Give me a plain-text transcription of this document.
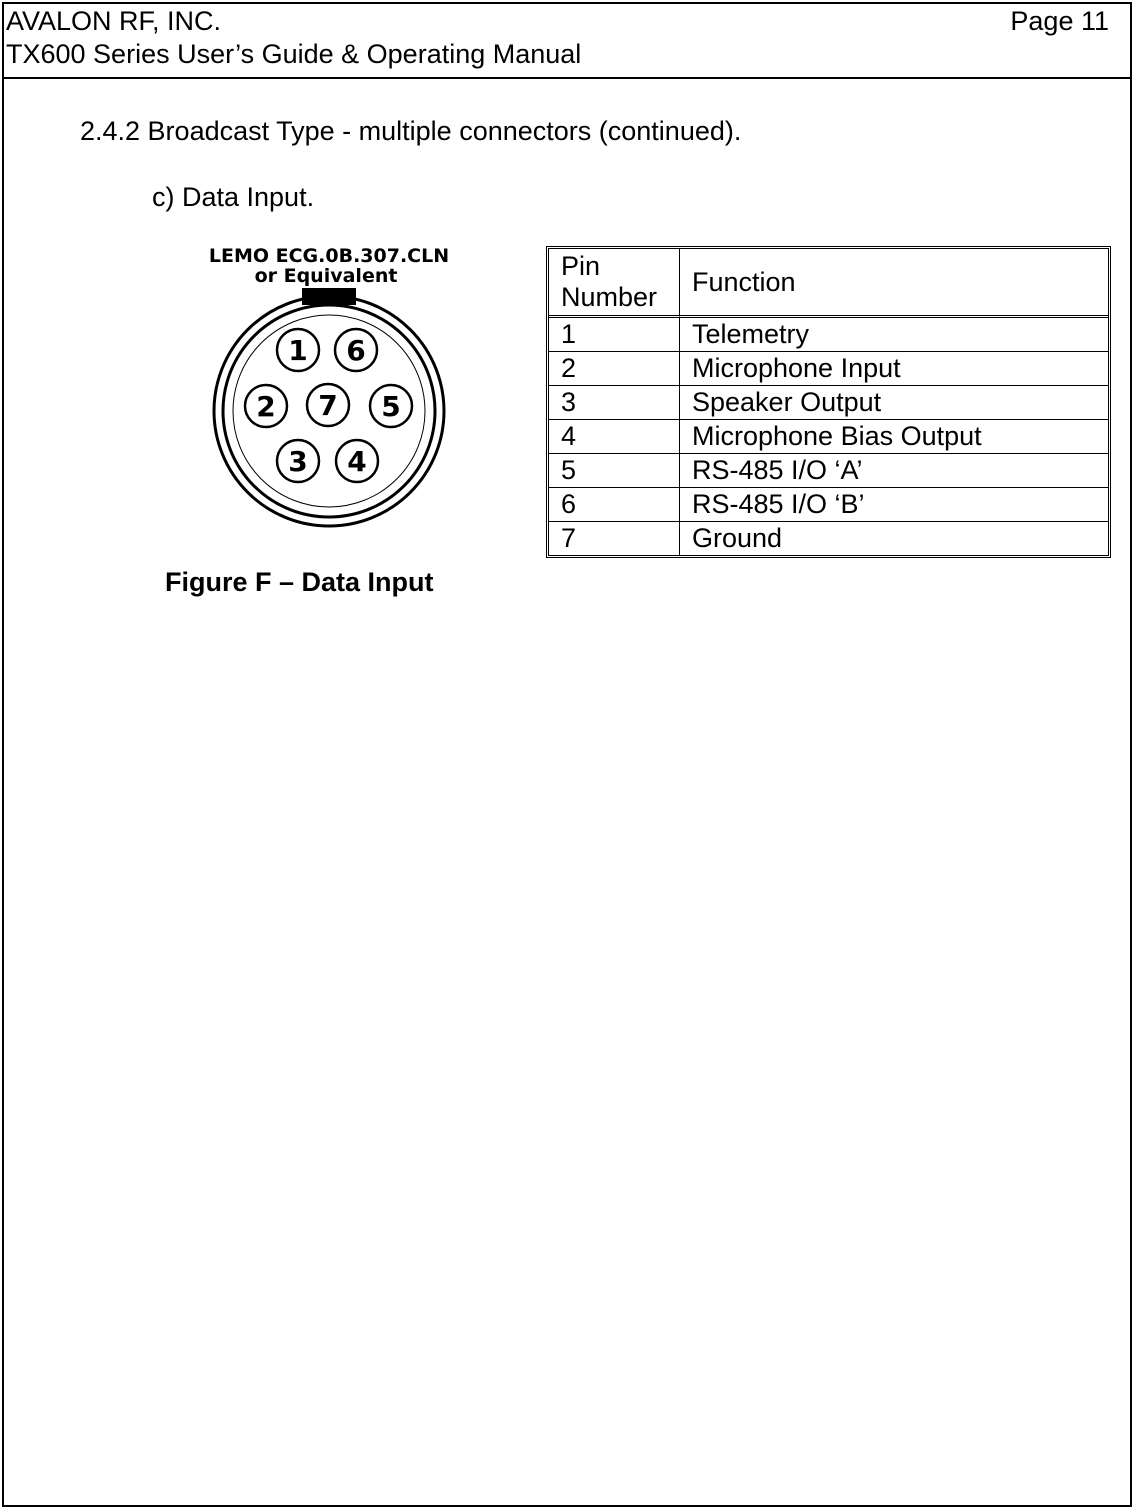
AVALON RF, INC.	Page 11
TX600 Series User’s Guide & Operating Manual
2.4.2 Broadcast Type - multiple connectors (continued).
c) Data Input.
LEMO ECG.0B.307.CLN
or Equivalent
1 6
2 7 5
3 4
Figure F – Data Input
Pin
Number	Function
1	Telemetry
2	Microphone Input
3	Speaker Output
4	Microphone Bias Output
5	RS-485 I/O ‘A’
6	RS-485 I/O ‘B’
7	Ground
